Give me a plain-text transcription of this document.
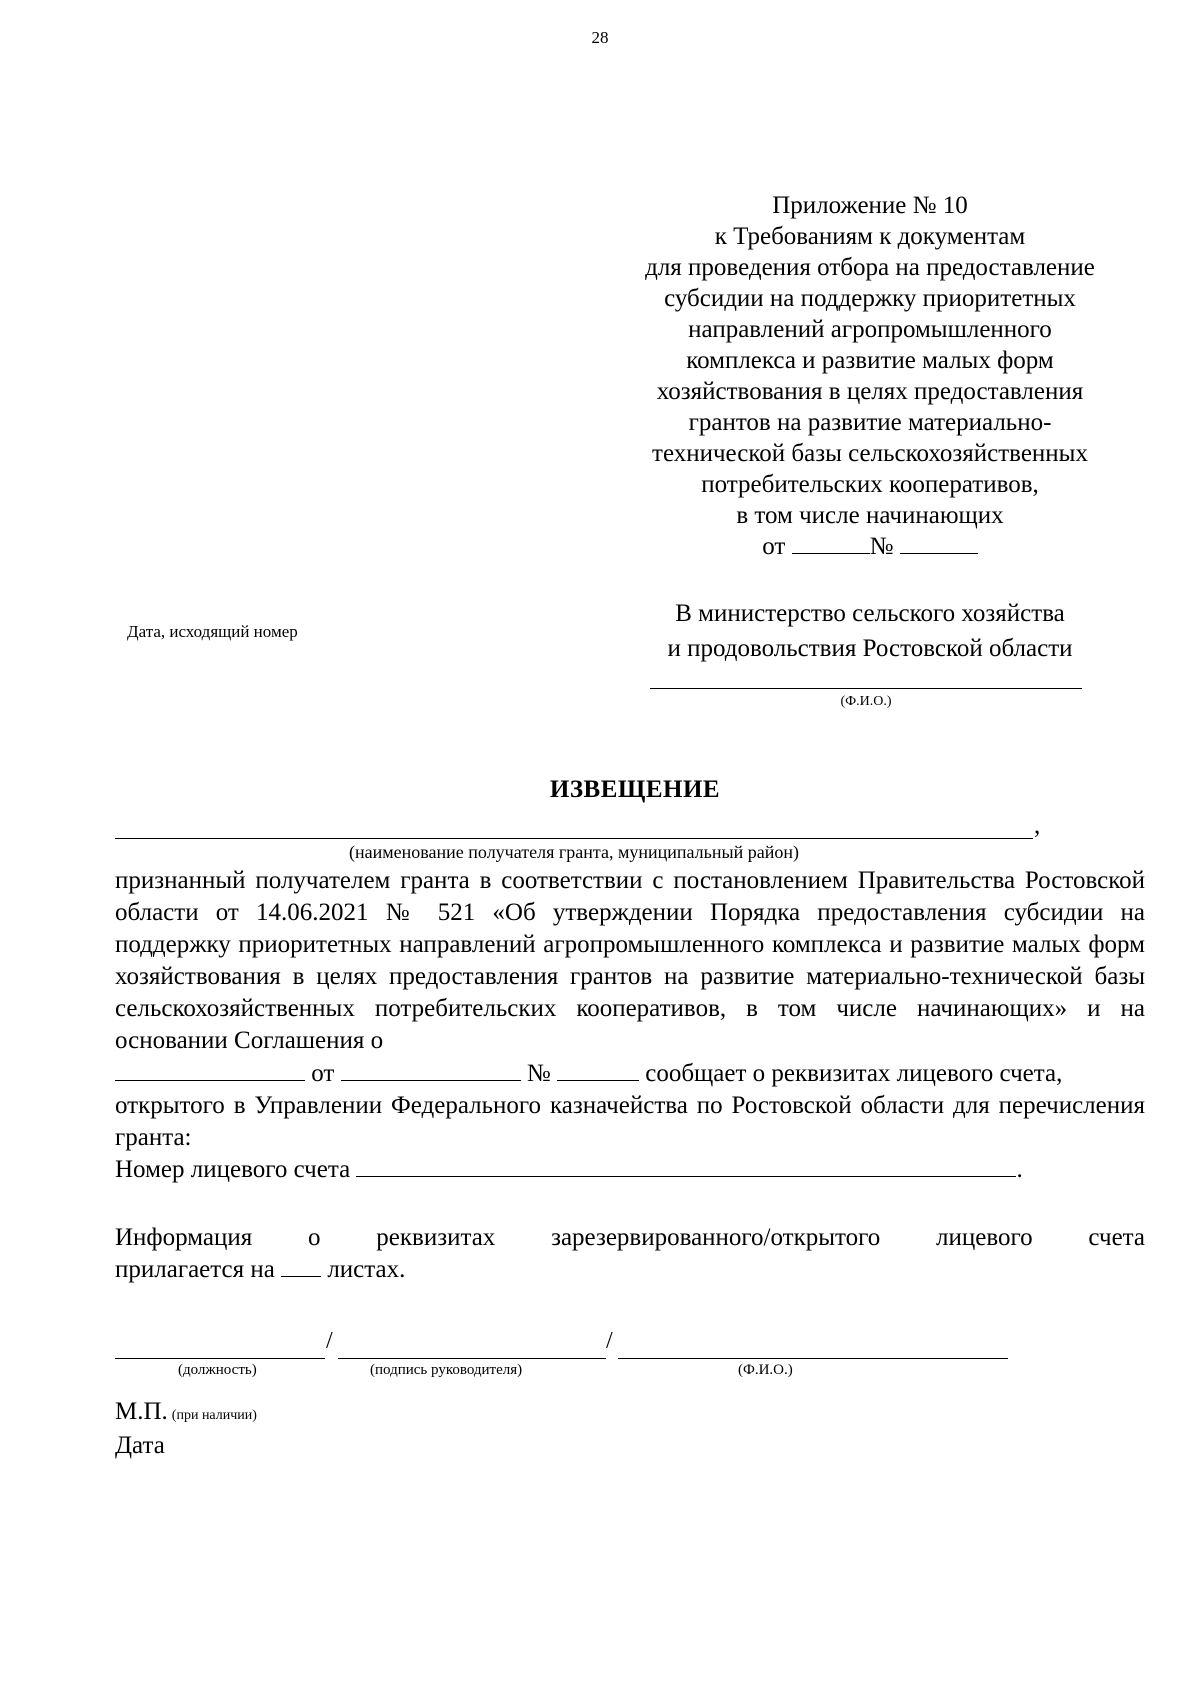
28
Приложение № 10
к Требованиям к документам
для проведения отбора на предоставление
субсидии на поддержку приоритетных
направлений агропромышленного
комплекса и развитие малых форм
хозяйствования в целях предоставления
грантов на развитие материально-
технической базы сельскохозяйственных
потребительских кооперативов,
в том числе начинающих
от	№
Дата, исходящий номер
В министерство сельского хозяйства
и продовольствия Ростовской области
(Ф.И.О.)
ИЗВЕЩЕНИЕ
,
(наименование получателя гранта, муниципальный район)
признанный получателем гранта в соответствии с постановлением Правительства Ростовской области от 14.06.2021 № 521 «Об утверждении Порядка предоставления субсидии на поддержку приоритетных направлений агропромышленного комплекса и развитие малых форм хозяйствования в целях предоставления грантов на развитие материально-технической базы сельскохозяйственных потребительских кооперативов, в том числе начинающих» и на основании Соглашения о
от	№	сообщает о реквизитах лицевого счета,
открытого в Управлении Федерального казначейства по Ростовской области для перечисления гранта:
Номер лицевого счета	.
Информация о реквизитах зарезервированного/открытого лицевого счета
прилагается на листах.
/	/
(должность)	(подпись руководителя)	(Ф.И.О.)
М.П. (при наличии)
Дата
